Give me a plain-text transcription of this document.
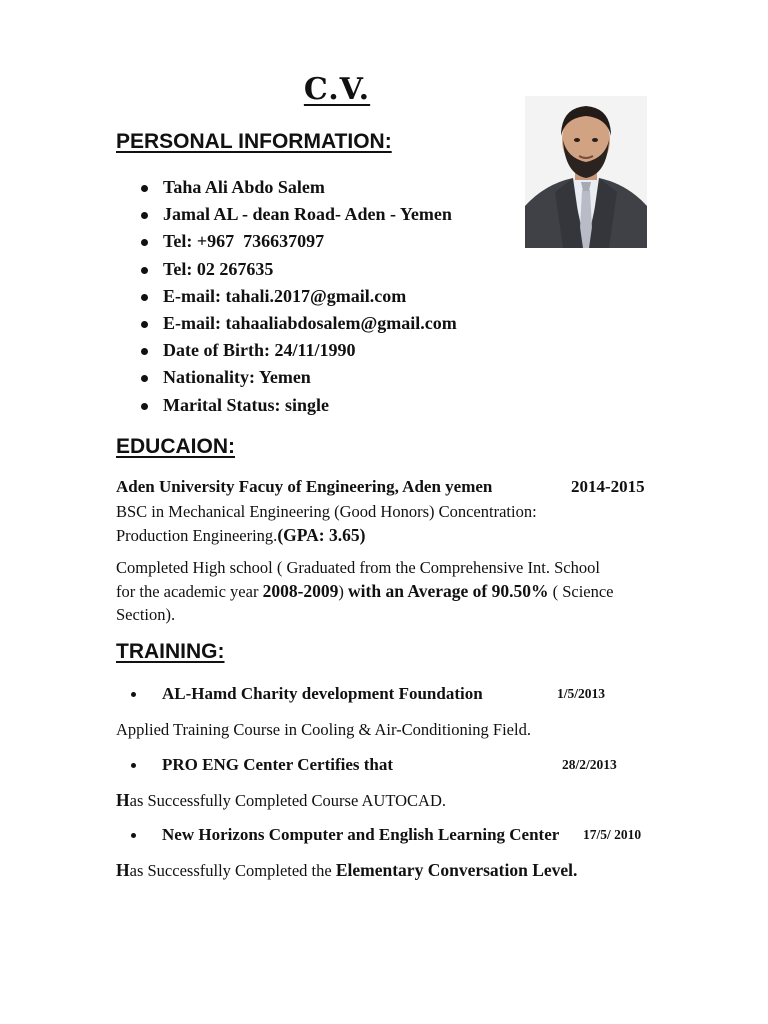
C.V.
PERSONAL INFORMATION:
Taha Ali Abdo Salem
Jamal AL - dean Road- Aden - Yemen
Tel: +967  736637097
Tel: 02 267635
E-mail: tahali.2017@gmail.com
E-mail: tahaaliabdosalem@gmail.com
Date of Birth: 24/11/1990
Nationality: Yemen
Marital Status: single
EDUCAION:
Aden University Facuy of Engineering, Aden yemen	2014-2015

BSC in Mechanical Engineering (Good Honors) Concentration:
Production Engineering.(GPA: 3.65)

Completed High school ( Graduated from the Comprehensive Int. School
for the academic year 2008-2009) with an Average of 90.50% ( Science
Section).

TRAINING:
AL-Hamd Charity development Foundation	1/5/2013

Applied Training Course in Cooling & Air-Conditioning Field.

PRO ENG Center Certifies that	28/2/2013

Has Successfully Completed Course AUTOCAD.

New Horizons Computer and English Learning Center 17/5/ 2010

Has Successfully Completed the Elementary Conversation Level.
